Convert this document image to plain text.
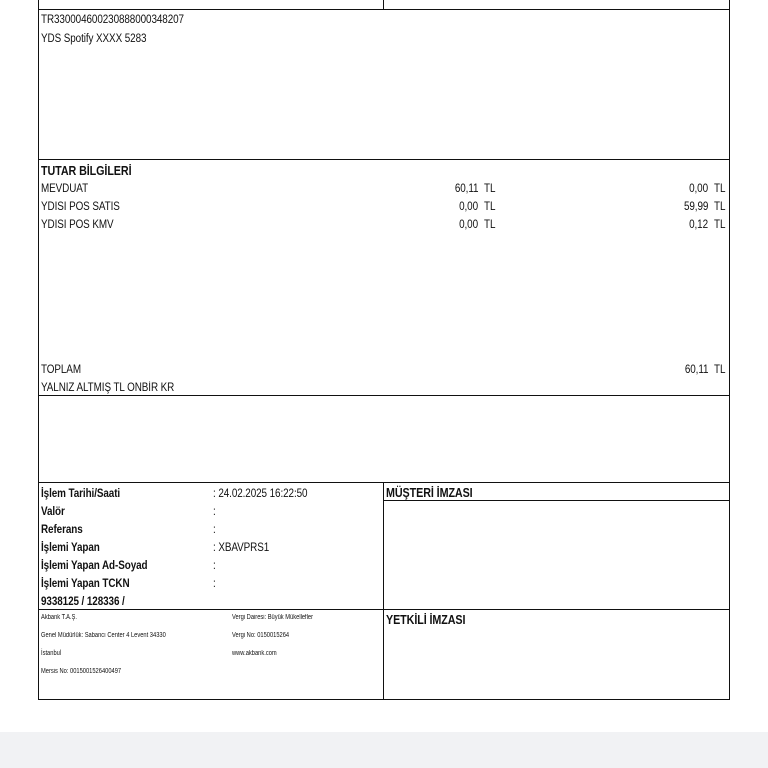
TR330004600230888000348207
YDS Spotify XXXX 5283
TUTAR BİLGİLERİ
MEVDUAT	60,11 TL	0,00 TL
YDISI POS SATIS	0,00 TL	59,99 TL
YDISI POS KMV	0,00 TL	0,12 TL
TOPLAM	60,11 TL
YALNIZ ALTMIŞ TL ONBİR KR
İşlem Tarihi/Saati	: 24.02.2025 16:22:50
Valör	:
Referans	:
İşlemi Yapan	: XBAVPRS1
İşlemi Yapan Ad-Soyad	:
İşlemi Yapan TCKN	:
9338125 / 128336 /
MÜŞTERİ İMZASI
YETKİLİ İMZASI
Akbank T.A.Ş.
Genel Müdürlük: Sabancı Center 4 Levent 34330
İstanbul
Mersis No: 0015001526400497
Vergi Dairesi: Büyük Mükellefler
Vergi No: 0150015264
www.akbank.com
